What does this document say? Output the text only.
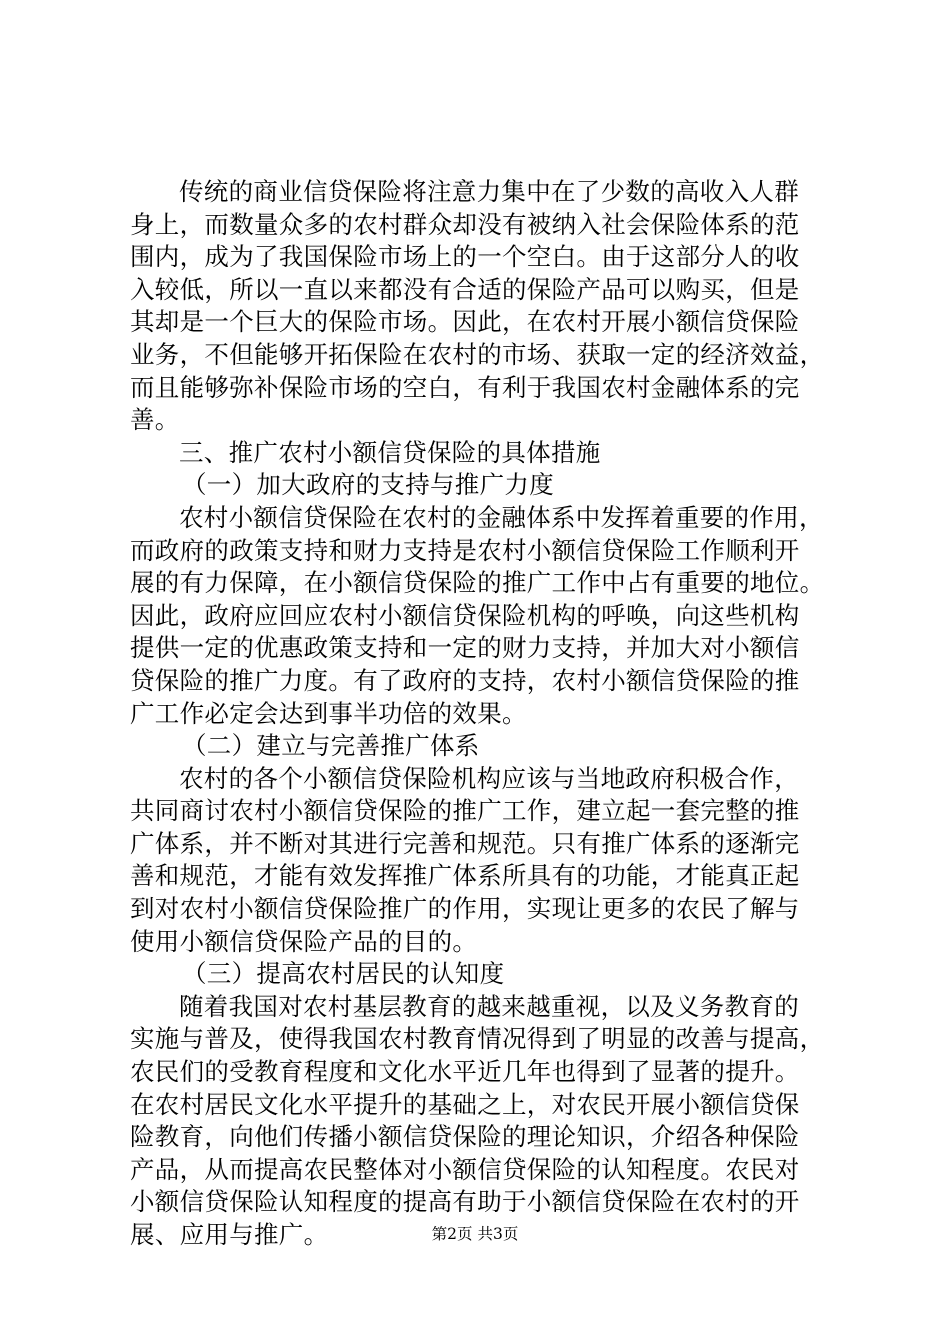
传统的商业信贷保险将注意力集中在了少数的高收入人群
身上，而数量众多的农村群众却没有被纳入社会保险体系的范
围内，成为了我国保险市场上的一个空白。由于这部分人的收
入较低，所以一直以来都没有合适的保险产品可以购买，但是
其却是一个巨大的保险市场。因此，在农村开展小额信贷保险
业务，不但能够开拓保险在农村的市场、获取一定的经济效益，
而且能够弥补保险市场的空白，有利于我国农村金融体系的完
善。
三、推广农村小额信贷保险的具体措施
（一）加大政府的支持与推广力度
农村小额信贷保险在农村的金融体系中发挥着重要的作用，
而政府的政策支持和财力支持是农村小额信贷保险工作顺利开
展的有力保障，在小额信贷保险的推广工作中占有重要的地位。
因此，政府应回应农村小额信贷保险机构的呼唤，向这些机构
提供一定的优惠政策支持和一定的财力支持，并加大对小额信
贷保险的推广力度。有了政府的支持，农村小额信贷保险的推
广工作必定会达到事半功倍的效果。
（二）建立与完善推广体系
农村的各个小额信贷保险机构应该与当地政府积极合作，
共同商讨农村小额信贷保险的推广工作，建立起一套完整的推
广体系，并不断对其进行完善和规范。只有推广体系的逐渐完
善和规范，才能有效发挥推广体系所具有的功能，才能真正起
到对农村小额信贷保险推广的作用，实现让更多的农民了解与
使用小额信贷保险产品的目的。
（三）提高农村居民的认知度
随着我国对农村基层教育的越来越重视，以及义务教育的
实施与普及，使得我国农村教育情况得到了明显的改善与提高，
农民们的受教育程度和文化水平近几年也得到了显著的提升。
在农村居民文化水平提升的基础之上，对农民开展小额信贷保
险教育，向他们传播小额信贷保险的理论知识，介绍各种保险
产品，从而提高农民整体对小额信贷保险的认知程度。农民对
小额信贷保险认知程度的提高有助于小额信贷保险在农村的开
展、应用与推广。	第2页 共3页
